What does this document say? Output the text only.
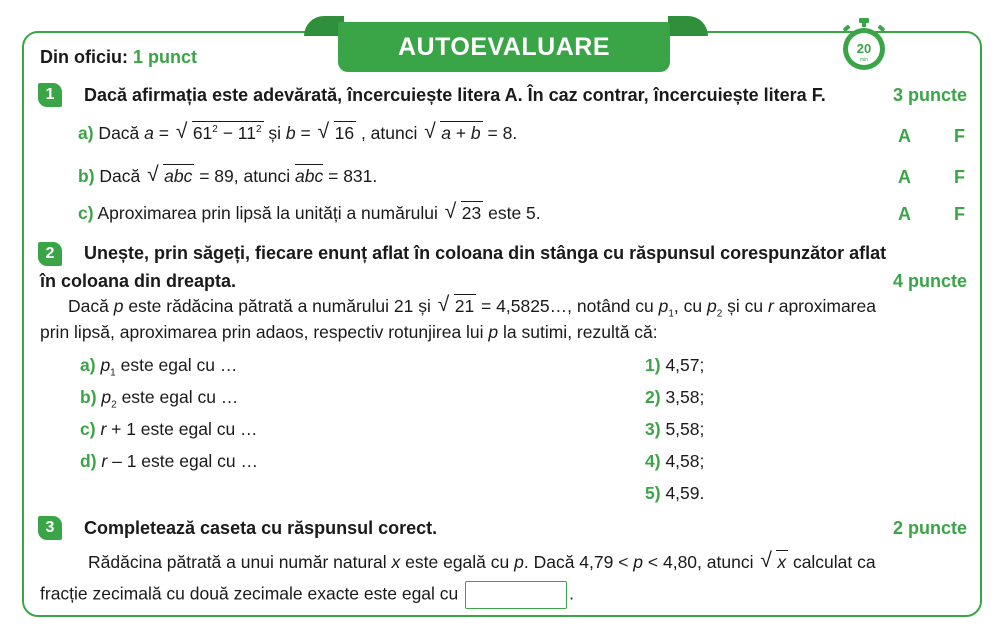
AUTOEVALUARE	20
min
Din oficiu: 1 punct
1	Dacă afirmația este adevărată, încercuiește litera A. În caz contrar, încercuiește litera F.	3 puncte
a) Dacă a = √ $61^2 - 11^2$ și b = √ 16 , atunci √ a + b = 8.	A F
b) Dacă √ abc = 89, atunci abc = 831.	A F
c) Aproximarea prin lipsă la unități a numărului √ 23 este 5.	A F
2	Unește, prin săgeți, fiecare enunț aflat în coloana din stânga cu răspunsul corespunzător aflat
în coloana din dreapta.	4 puncte
Dacă p este rădăcina pătrată a numărului 21 și √ 21 = 4,5825…, notând cu $p_1$, cu $p_2$ și cu r aproximarea
prin lipsă, aproximarea prin adaos, respectiv rotunjirea lui p la sutimi, rezultă că:
a) $p_1$ este egal cu …
b) $p_2$ este egal cu …
c) r + 1 este egal cu …
d) r – 1 este egal cu …
1) 4,57;
2) 3,58;
3) 5,58;
4) 4,58;
5) 4,59.
3	Completează caseta cu răspunsul corect.	2 puncte
Rădăcina pătrată a unui număr natural x este egală cu p. Dacă 4,79 < p < 4,80, atunci √ x calculat ca
fracție zecimală cu două zecimale exacte este egal cu	.
